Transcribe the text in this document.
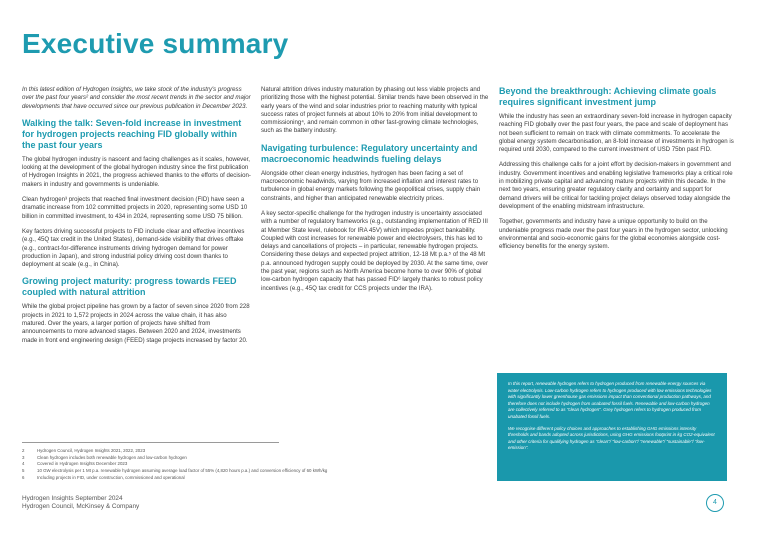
Executive summary

In this latest edition of Hydrogen Insights, we take stock of the industry's progress over the past four years² and consider the most recent trends in the sector and major developments that have occurred since our previous publication in December 2023.

Walking the talk: Seven-fold increase in investment for hydrogen projects reaching FID globally within the past four years

The global hydrogen industry is nascent and facing challenges as it scales, however, looking at the development of the global hydrogen industry since the first publication of Hydrogen Insights in 2021, the progress achieved thanks to the efforts of decision-makers in industry and governments is undeniable.

Clean hydrogen³ projects that reached final investment decision (FID) have seen a dramatic increase from 102 committed projects in 2020, representing some USD 10 billion in committed investment, to 434 in 2024, representing some USD 75 billion.

Key factors driving successful projects to FID include clear and effective incentives (e.g., 45Q tax credit in the United States), demand-side visibility that drives offtake (e.g., contract-for-difference instruments driving hydrogen demand for power production in Japan), and strong industrial policy driving cost down thanks to deployment at scale (e.g., in China).

Growing project maturity: progress towards FEED coupled with natural attrition

While the global project pipeline has grown by a factor of seven since 2020 from 228 projects in 2021 to 1,572 projects in 2024 across the value chain, it has also matured. Over the years, a larger portion of projects have shifted from announcements to more advanced stages. Between 2020 and 2024, investments made in front end engineering design (FEED) stage projects increased by factor 20.

Natural attrition drives industry maturation by phasing out less viable projects and prioritizing those with the highest potential. Similar trends have been observed in the early years of the wind and solar industries prior to reaching maturity with typical success rates of project funnels at about 10% to 20% from initial development to commissioning⁴, and remain common in other fast-growing climate technologies, such as the battery industry.

Navigating turbulence: Regulatory uncertainty and macroeconomic headwinds fueling delays

Alongside other clean energy industries, hydrogen has been facing a set of macroeconomic headwinds, varying from increased inflation and interest rates to turbulence in global energy markets following the geopolitical crises, supply chain constraints, and higher than anticipated renewable electricity prices.

A key sector-specific challenge for the hydrogen industry is uncertainty associated with a number of regulatory frameworks (e.g., outstanding implementation of RED III at Member State level, rulebook for IRA 45V) which impedes project bankability. Coupled with cost increases for renewable power and electrolysers, this has led to delays and cancellations of projects – in particular, renewable hydrogen projects. Considering these delays and expected project attrition, 12-18 Mt p.a.⁵ of the 48 Mt p.a. announced hydrogen supply could be deployed by 2030. At the same time, over the past year, regions such as North America become home to over 90% of global low-carbon hydrogen capacity that has passed FID⁶ largely thanks to robust policy incentives (e.g., 45Q tax credit for CCS projects under the IRA).

Beyond the breakthrough: Achieving climate goals requires significant investment jump

While the industry has seen an extraordinary seven-fold increase in hydrogen capacity reaching FID globally over the past four years, the pace and scale of deployment has not been sufficient to remain on track with climate commitments. To accelerate the global energy system decarbonisation, an 8-fold increase of investments in hydrogen is required until 2030, compared to the current investment of USD 75bn past FID.

Addressing this challenge calls for a joint effort by decision-makers in government and industry. Government incentives and enabling legislative frameworks play a critical role in mobilizing private capital and advancing mature projects within this decade. In the next two years, ensuring greater regulatory clarity and certainty and support for demand drivers will be critical for tackling project delays observed today alongside the development of the enabling midstream infrastructure.

Together, governments and industry have a unique opportunity to build on the undeniable progress made over the past four years in the hydrogen sector, unlocking environmental and socio-economic gains for the global economies alongside cost-efficiency benefits for the energy system.

In this report, renewable hydrogen refers to hydrogen produced from renewable energy sources via water electrolysis. Low-carbon hydrogen refers to hydrogen produced with low emissions technologies with significantly lower greenhouse gas emissions impact than conventional production pathways, and therefore does not include hydrogen from unabated fossil fuels. Renewable and low-carbon hydrogen are collectively referred to as "clean hydrogen". Grey hydrogen refers to hydrogen produced from unabated fossil fuels.

We recognise different policy choices and approaches to establishing GHG emissions intensity thresholds and bands adopted across jurisdictions, using GHG emissions footprint in kg CO2-equivalent and other criteria for qualifying hydrogen as "clean"/ "low-carbon"/ "renewable"/ "sustainable"/ "low-emission".

2	Hydrogen Council, Hydrogen Insights 2021, 2022, 2023
3	Clean hydrogen includes both renewable hydrogen and low-carbon hydrogen
4	Covered in Hydrogen Insights December 2023
5	10 GW electrolysis per 1 Mt p.a. renewable hydrogen assuming average load factor of 55% (4,820 hours p.a.) and conversion efficiency of 60 kWh/kg
6	Including projects in FID, under construction, commissioned and operational
Hydrogen Insights September 2024
Hydrogen Council, McKinsey & Company
4
